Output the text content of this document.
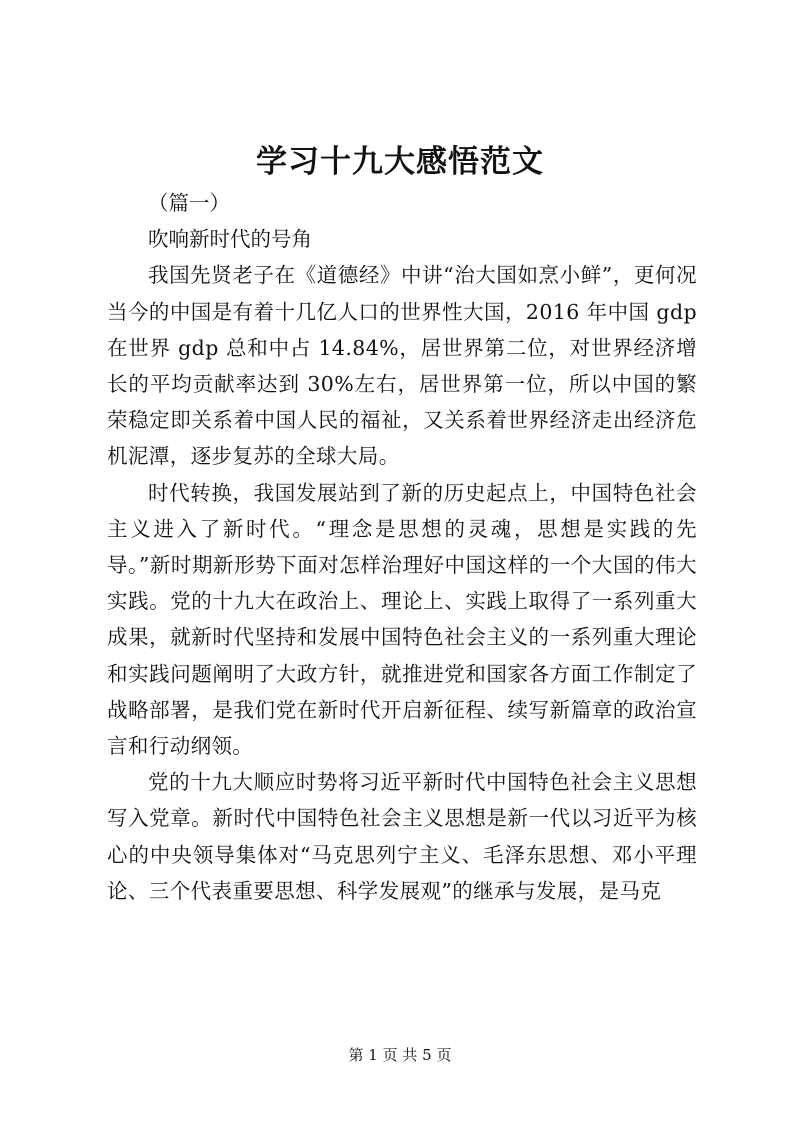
学习十九大感悟范文

（篇一）

吹响新时代的号角

我国先贤老子在《道德经》中讲“治大国如烹小鲜”，更何况当今的中国是有着十几亿人口的世界性大国，2016 年中国 gdp 在世界 gdp 总和中占 14.84%，居世界第二位，对世界经济增长的平均贡献率达到 30%左右，居世界第一位，所以中国的繁荣稳定即关系着中国人民的福祉，又关系着世界经济走出经济危机泥潭，逐步复苏的全球大局。

时代转换，我国发展站到了新的历史起点上，中国特色社会主义进入了新时代。“理念是思想的灵魂，思想是实践的先导。”新时期新形势下面对怎样治理好中国这样的一个大国的伟大实践。党的十九大在政治上、理论上、实践上取得了一系列重大成果，就新时代坚持和发展中国特色社会主义的一系列重大理论和实践问题阐明了大政方针，就推进党和国家各方面工作制定了战略部署，是我们党在新时代开启新征程、续写新篇章的政治宣言和行动纲领。

党的十九大顺应时势将习近平新时代中国特色社会主义思想写入党章。新时代中国特色社会主义思想是新一代以习近平为核心的中央领导集体对“马克思列宁主义、毛泽东思想、邓小平理论、三个代表重要思想、科学发展观”的继承与发展，是马克

第 1 页 共 5 页
